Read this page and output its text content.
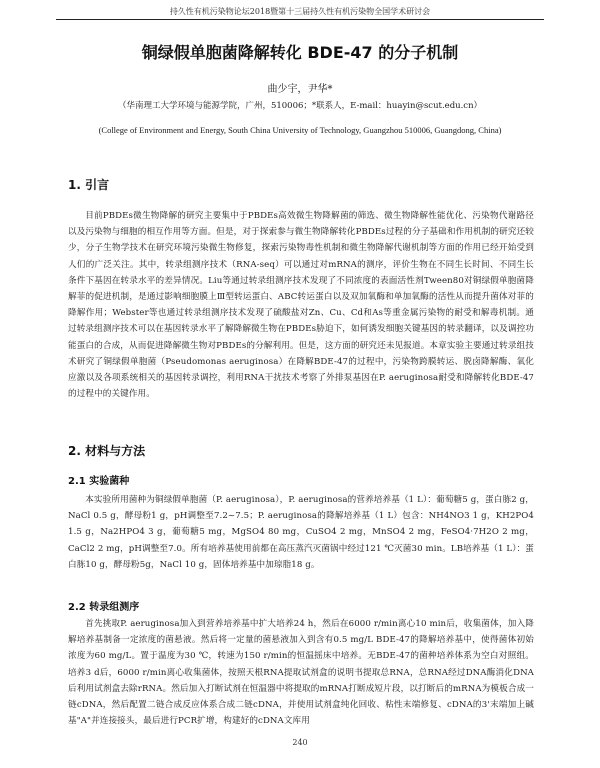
持久性有机污染物论坛2018暨第十三届持久性有机污染物全国学术研讨会
铜绿假单胞菌降解转化 BDE-47 的分子机制
曲少宇，尹华*
（华南理工大学环境与能源学院，广州，510006；*联系人，E-mail：huayin@scut.edu.cn）
(College of Environment and Energy, South China University of Technology, Guangzhou 510006, Guangdong, China)
1. 引言

目前PBDEs微生物降解的研究主要集中于PBDEs高效微生物降解菌的筛选、微生物降解性能优化、污染物代谢路径以及污染物与细胞的相互作用等方面。但是，对于探索参与微生物降解转化PBDEs过程的分子基础和作用机制的研究还较少，分子生物学技术在研究环境污染微生物修复，探索污染物毒性机制和微生物降解代谢机制等方面的作用已经开始受到人们的广泛关注。其中，转录组测序技术（RNA-seq）可以通过对mRNA的测序，评价生物在不同生长时间、不同生长条件下基因在转录水平的差异情况。Liu等通过转录组测序技术发现了不同浓度的表面活性剂Tween80对铜绿假单胞菌降解菲的促进机制，是通过影响细胞膜上Ⅲ型转运蛋白、ABC转运蛋白以及双加氧酶和单加氧酶的活性从而提升菌体对菲的降解作用；Webster等也通过转录组测序技术发现了硫酸盐对Zn、Cu、Cd和As等重金属污染物的耐受和解毒机制。通过转录组测序技术可以在基因转录水平了解降解微生物在PBDEs胁迫下，如何诱发细胞关键基因的转录翻译，以及调控功能蛋白的合成，从而促进降解微生物对PBDEs的分解利用。但是，这方面的研究还未见报道。本章实验主要通过转录组技术研究了铜绿假单胞菌（Pseudomonas aeruginosa）在降解BDE-47的过程中，污染物跨膜转运、脱卤降解酶、氧化应激以及各项系统相关的基因转录调控，利用RNA干扰技术考察了外排泵基因在P. aeruginosa耐受和降解转化BDE-47的过程中的关键作用。

2. 材料与方法
2.1 实验菌种

本实验所用菌种为铜绿假单胞菌（P. aeruginosa），P. aeruginosa的营养培养基（1 L）：葡萄糖5 g，蛋白胨2 g，NaCl 0.5 g，酵母粉1 g，pH调整至7.2~7.5；P. aeruginosa的降解培养基（1 L）包含：NH4NO3 1 g，KH2PO4 1.5 g，Na2HPO4 3 g，葡萄糖5 mg，MgSO4 80 mg，CuSO4 2 mg，MnSO4 2 mg，FeSO4·7H2O 2 mg，CaCl2 2 mg，pH调整至7.0。所有培养基使用前都在高压蒸汽灭菌锅中经过121 ℃灭菌30 min。LB培养基（1 L）：蛋白胨10 g，酵母粉5g，NaCl 10 g，固体培养基中加琼脂18 g。

2.2 转录组测序

首先挑取P. aeruginosa加入到营养培养基中扩大培养24 h，然后在6000 r/min离心10 min后，收集菌体，加入降解培养基制备一定浓度的菌悬液。然后将一定量的菌悬液加入到含有0.5 mg/L BDE-47的降解培养基中，使得菌体初始浓度为60 mg/L。置于温度为30 ℃，转速为150 r/min的恒温摇床中培养。无BDE-47的菌种培养体系为空白对照组。培养3 d后，6000 r/min离心收集菌体，按照天根RNA提取试剂盒的说明书提取总RNA，总RNA经过DNA酶消化DNA后利用试剂盒去除rRNA。然后加入打断试剂在恒温器中将提取的mRNA打断成短片段，以打断后的mRNA为模板合成一链cDNA，然后配置二链合成反应体系合成二链cDNA，并使用试剂盒纯化回收、粘性末端修复、cDNA的3'末端加上碱基"A"并连接接头，最后进行PCR扩增，构建好的cDNA文库用

240
